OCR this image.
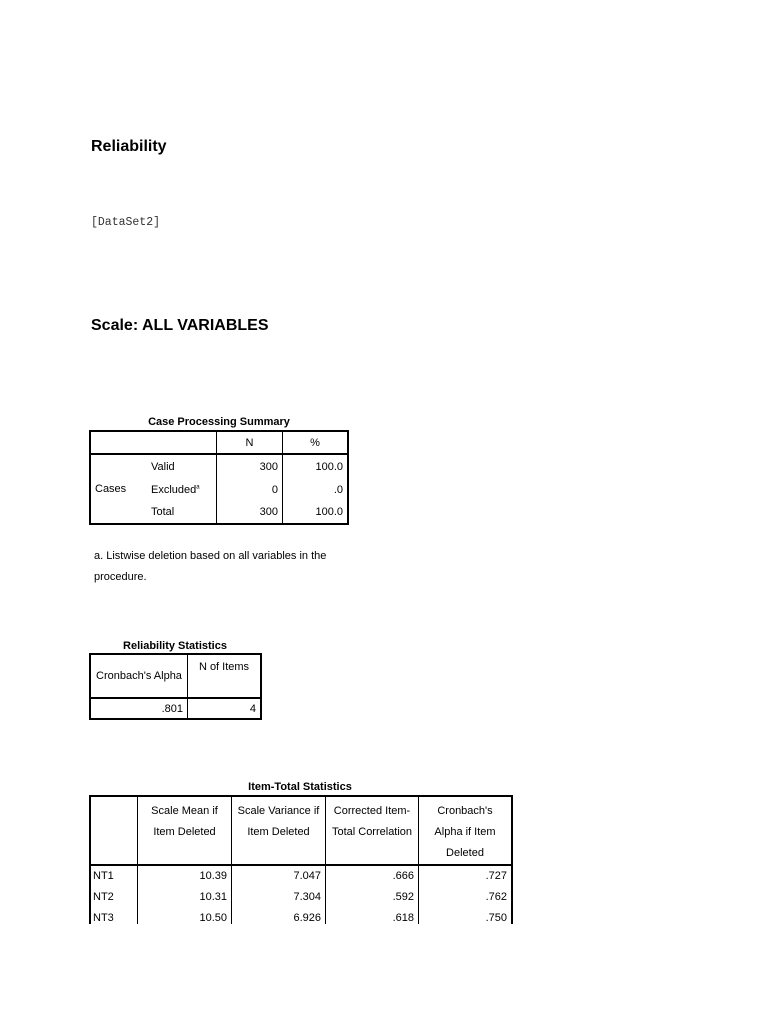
Reliability
[DataSet2]
Scale: ALL VARIABLES
Case Processing Summary
		N	%
Cases	Valid	300	100.0
	Excluded$^a$	0	.0
	Total	300	100.0
a. Listwise deletion based on all variables in the procedure.
Reliability Statistics
Cronbach's Alpha	N of Items
.801	4
Item-Total Statistics
	Scale Mean if Item Deleted	Scale Variance if Item Deleted	Corrected Item-Total Correlation	Cronbach's Alpha if Item Deleted
NT1	10.39	7.047	.666	.727
NT2	10.31	7.304	.592	.762
NT3	10.50	6.926	.618	.750
